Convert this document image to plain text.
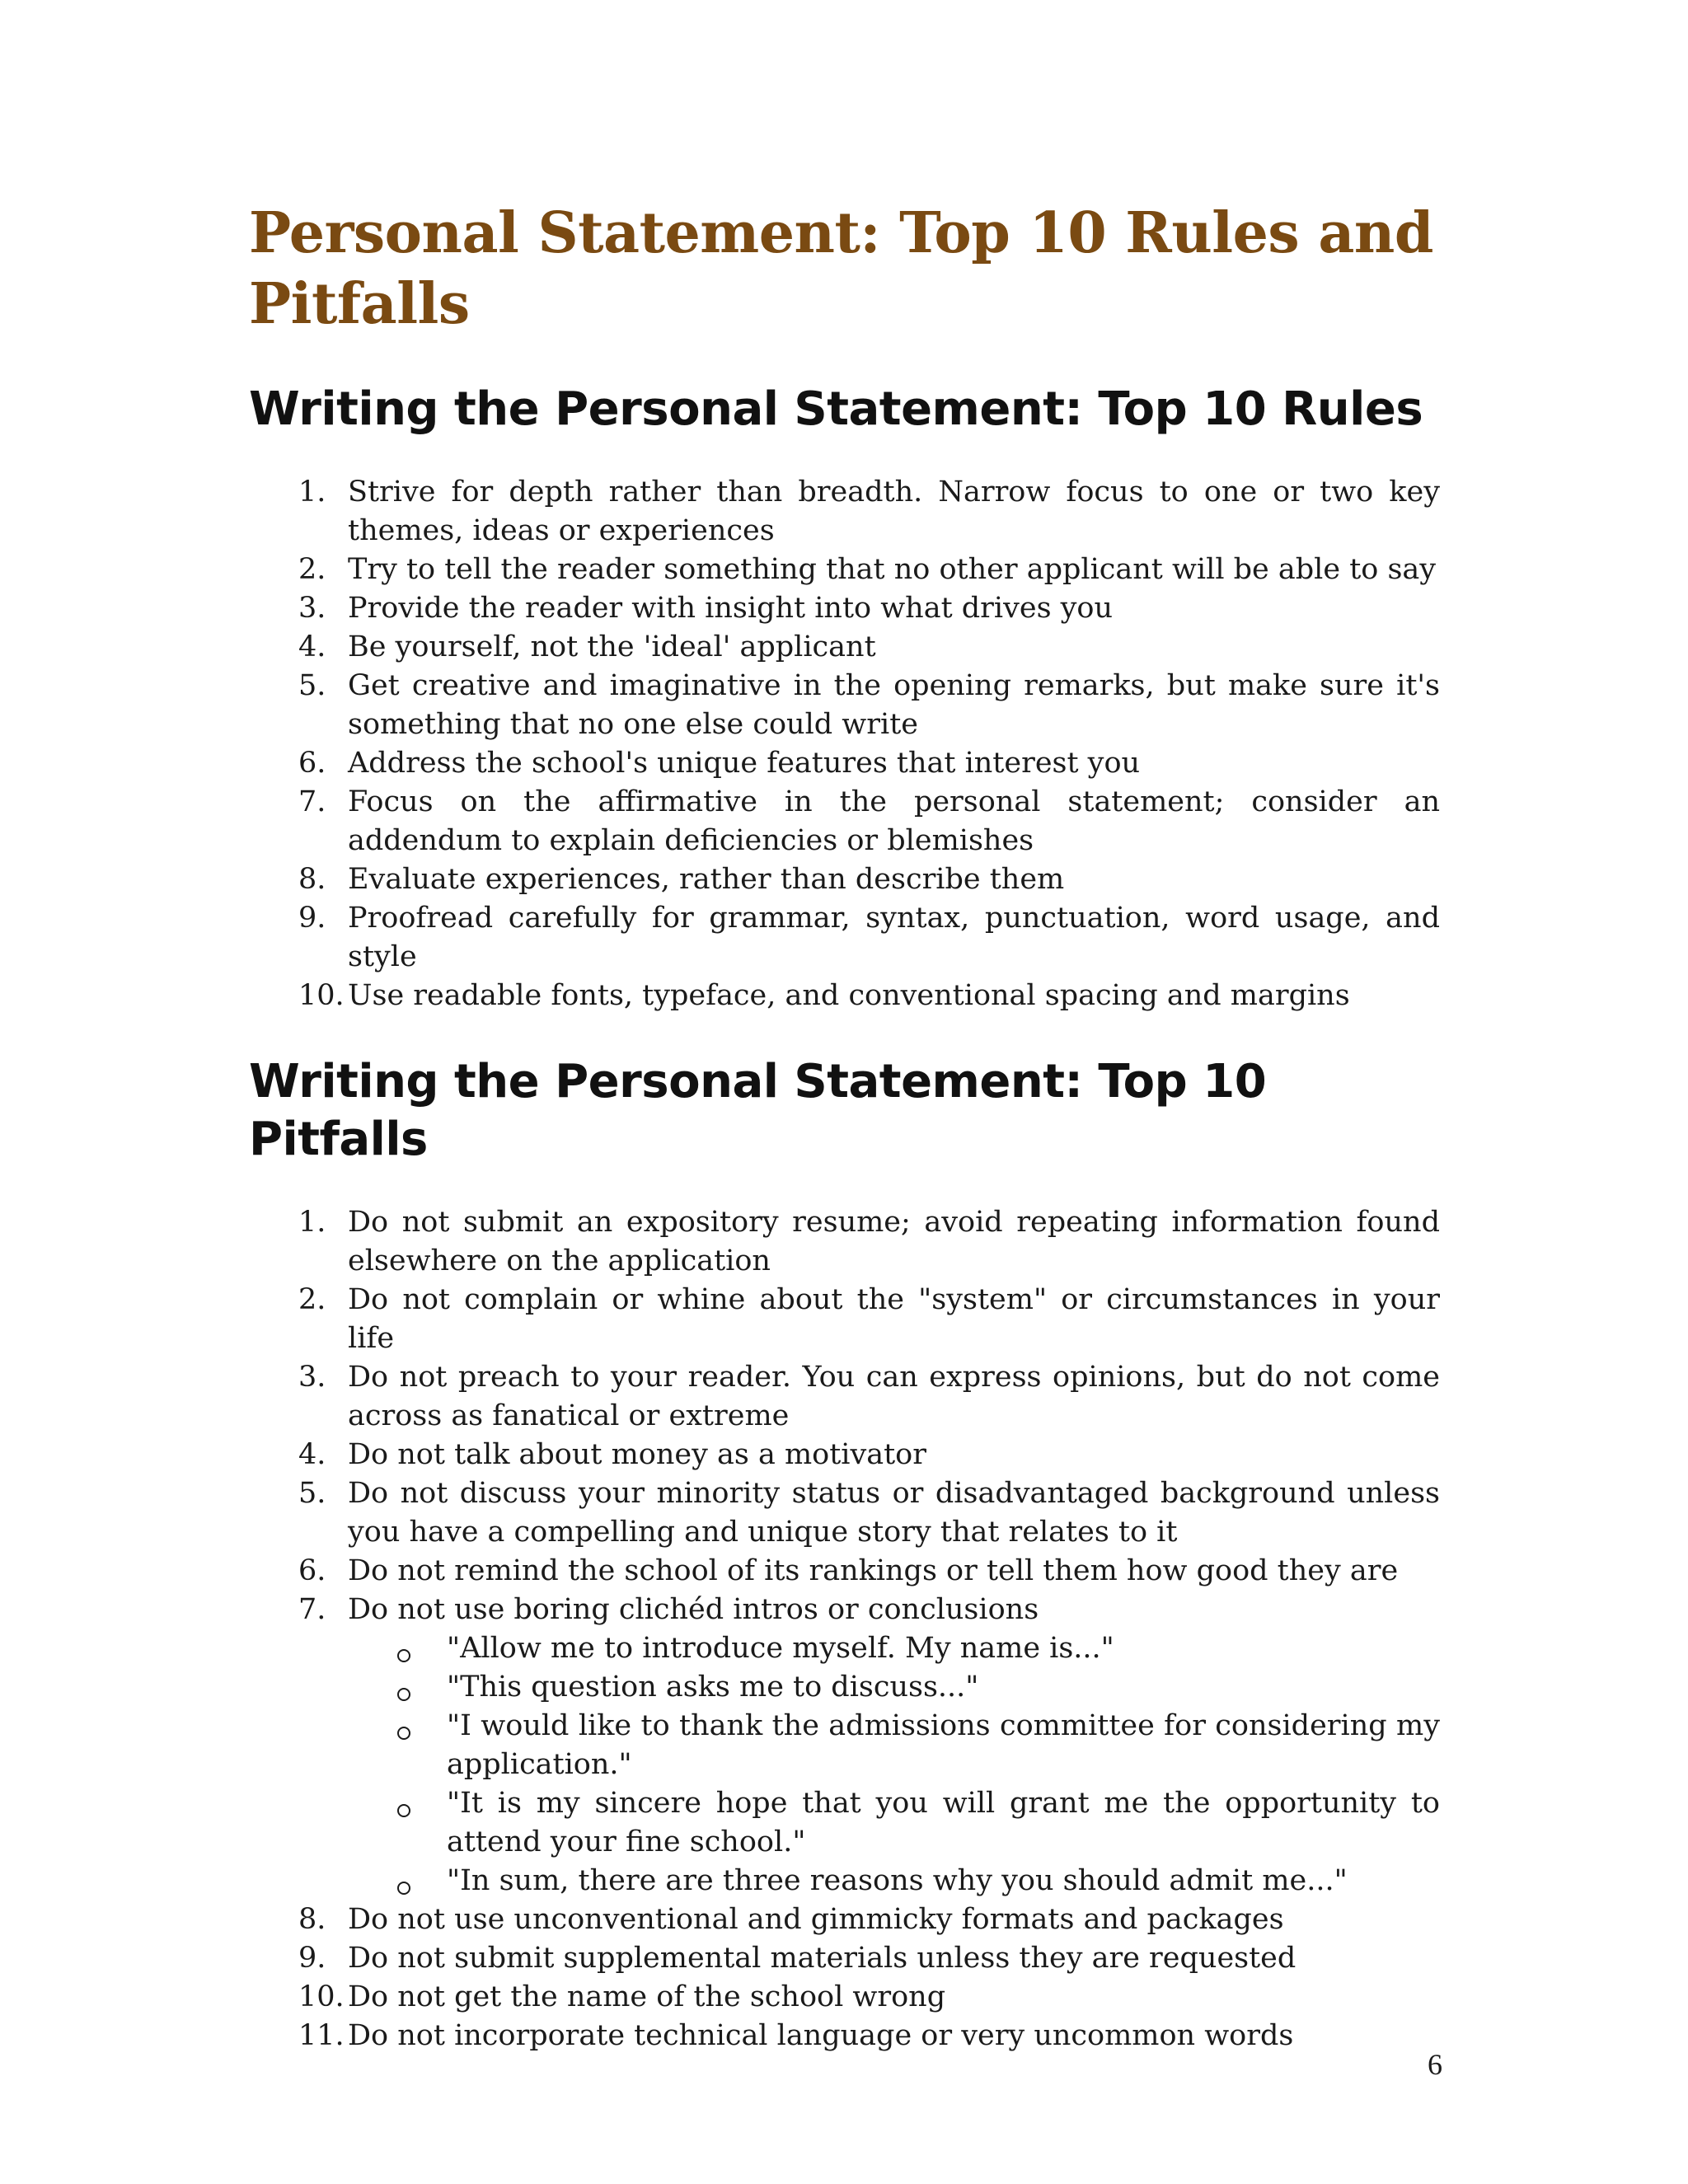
Personal Statement: Top 10 Rules and Pitfalls
Writing the Personal Statement: Top 10 Rules
1. Strive for depth rather than breadth. Narrow focus to one or two key themes, ideas or experiences
2. Try to tell the reader something that no other applicant will be able to say
3. Provide the reader with insight into what drives you
4. Be yourself, not the 'ideal' applicant
5. Get creative and imaginative in the opening remarks, but make sure it's something that no one else could write
6. Address the school's unique features that interest you
7. Focus on the affirmative in the personal statement; consider an addendum to explain deficiencies or blemishes
8. Evaluate experiences, rather than describe them
9. Proofread carefully for grammar, syntax, punctuation, word usage, and style
10. Use readable fonts, typeface, and conventional spacing and margins
Writing the Personal Statement: Top 10 Pitfalls
1. Do not submit an expository resume; avoid repeating information found elsewhere on the application
2. Do not complain or whine about the "system" or circumstances in your life
3. Do not preach to your reader. You can express opinions, but do not come across as fanatical or extreme
4. Do not talk about money as a motivator
5. Do not discuss your minority status or disadvantaged background unless you have a compelling and unique story that relates to it
6. Do not remind the school of its rankings or tell them how good they are
7. Do not use boring clichéd intros or conclusions
"Allow me to introduce myself. My name is..."
"This question asks me to discuss..."
"I would like to thank the admissions committee for considering my application."
"It is my sincere hope that you will grant me the opportunity to attend your fine school."
"In sum, there are three reasons why you should admit me..."
8. Do not use unconventional and gimmicky formats and packages
9. Do not submit supplemental materials unless they are requested
10. Do not get the name of the school wrong
11. Do not incorporate technical language or very uncommon words
6
